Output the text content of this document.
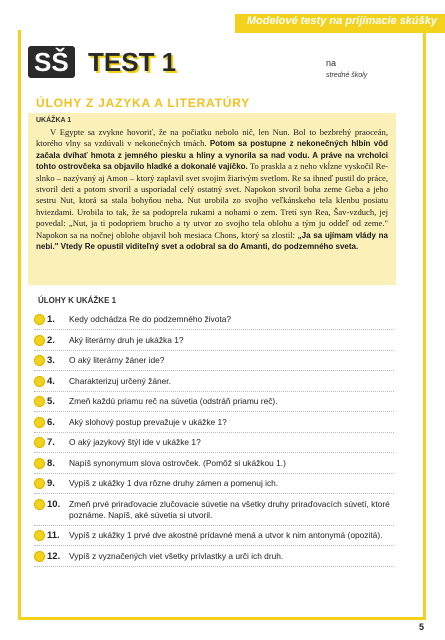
Modelové testy na prijímacie skúšky
SŠ TEST 1	na
stredné školy
ÚLOHY Z JAZYKA A LITERATÚRY
UKÁŽKA 1

V Egypte sa zvykne hovoriť, že na počiatku nebolo nič, len Nun. Bol to bezbrehý praoceán, ktorého vlny sa vzdúvali v nekonečných tmách. Potom sa postupne z nekonečných hlbín vôd začala dvíhať hmota z jemného piesku a hliny a vynorila sa nad vodu. A práve na vrcholci tohto ostrovčeka sa objavilo hladké a dokonalé vajíčko. To praskla a z neho vkĺzne vyskočil Re-slnko – nazývaný aj Amon – ktorý zaplavil svet svojim žiarivým svetlom. Re sa ihneď pustil do práce, stvoril deti a potom stvoril a usporiadal celý ostatný svet. Napokon stvoril boha zeme Geba a jeho sestru Nut, ktorá sa stala bohyňou neba. Nut urobila zo svojho veľkánskeho tela klenbu posiatu hviezdami. Urobila to tak, že sa podoprela rukami a nohami o zem. Tretí syn Rea, Šav-vzduch, jej povedal: „Nut, ja ti podopriem brucho a ty utvor zo svojho tela oblohu a tým ju oddeľ od zeme." Napokon sa na nočnej oblohe objavil boh mesiaca Chons, ktorý sa zlostil: „Ja sa ujímam vlády na nebi." Vtedy Re opustil viditeľný svet a odobral sa do Amanti, do podzemného sveta.

ÚLOHY K UKÁŽKE 1
1.	Kedy odchádza Re do podzemného života?
2.	Aký literárny druh je ukážka 1?
3.	O aký literárny žáner ide?
4.	Charakterizuj určený žáner.
5.	Zmeň každú priamu reč na súvetia (odstráň priamu reč).
6.	Aký slohový postup prevažuje v ukážke 1?
7.	O aký jazykový štýl ide v ukážke 1?
8.	Napíš synonymum slova ostrovček. (Pomôž si ukážkou 1.)
9.	Vypíš z ukážky 1 dva rôzne druhy zámen a pomenuj ich.
10.	Zmeň prvé priraďovacie zlučovacie súvetie na všetky druhy priraďovacích súvetí, ktoré poznáme. Napíš, aké súvetia si utvoril.
11.	Vypíš z ukážky 1 prvé dve akostné prídavné mená a utvor k nim antonymá (opozitá).
12.	Vypíš z vyznačených viet všetky prívlastky a urči ich druh.
5
